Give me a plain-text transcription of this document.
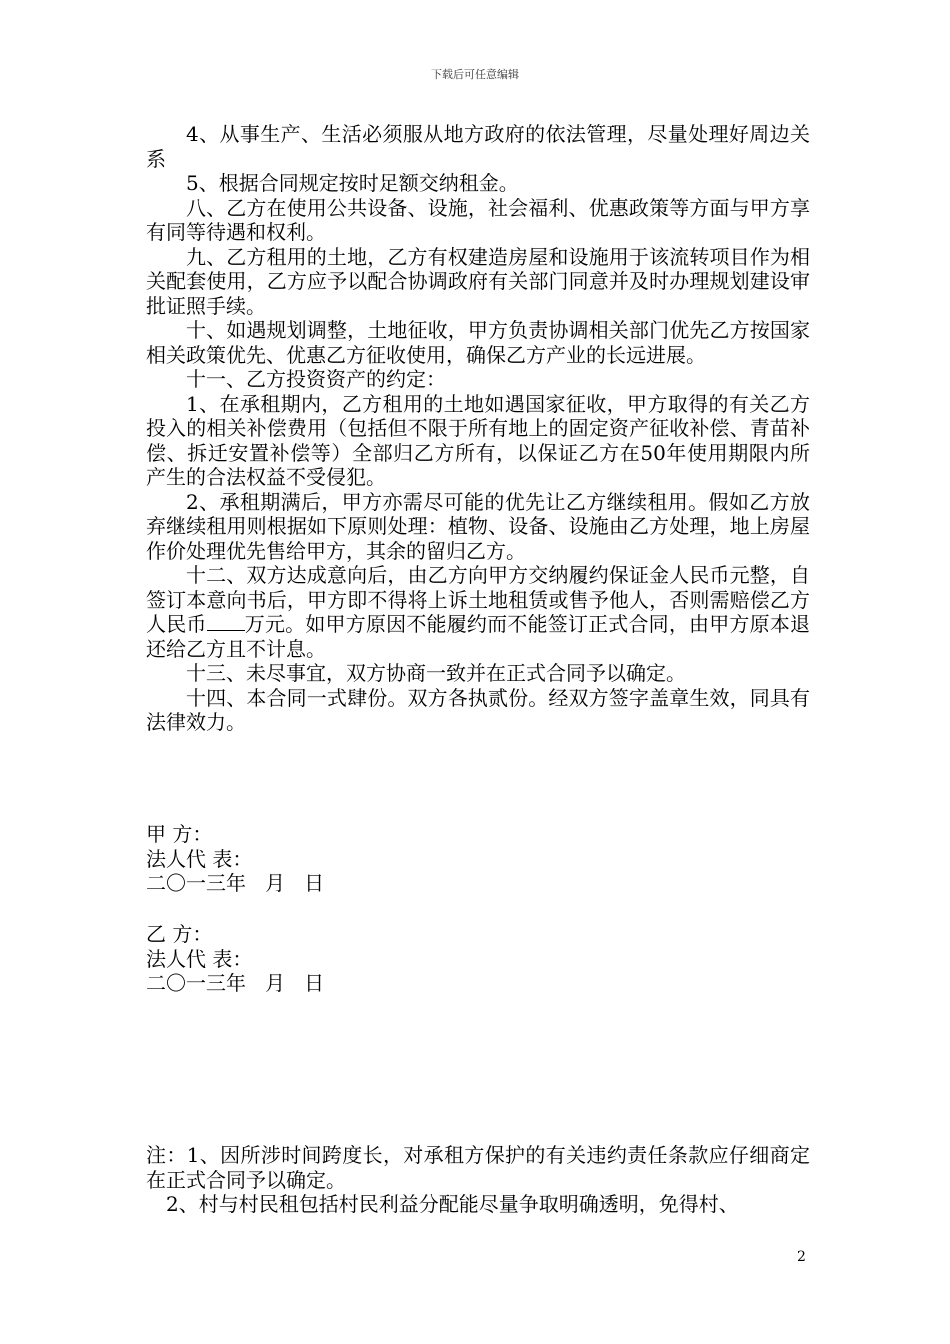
下载后可任意编辑

4、从事生产、生活必须服从地方政府的依法管理，尽量处理好周边关系

5、根据合同规定按时足额交纳租金。

八、乙方在使用公共设备、设施，社会福利、优惠政策等方面与甲方享有同等待遇和权利。

九、乙方租用的土地，乙方有权建造房屋和设施用于该流转项目作为相关配套使用，乙方应予以配合协调政府有关部门同意并及时办理规划建设审批证照手续。

十、如遇规划调整，土地征收，甲方负责协调相关部门优先乙方按国家相关政策优先、优惠乙方征收使用，确保乙方产业的长远进展。

十一、乙方投资资产的约定：

1、在承租期内，乙方租用的土地如遇国家征收，甲方取得的有关乙方投入的相关补偿费用（包括但不限于所有地上的固定资产征收补偿、青苗补偿、拆迁安置补偿等）全部归乙方所有，以保证乙方在50年使用期限内所产生的合法权益不受侵犯。

2、承租期满后，甲方亦需尽可能的优先让乙方继续租用。假如乙方放弃继续租用则根据如下原则处理：植物、设备、设施由乙方处理，地上房屋作价处理优先售给甲方，其余的留归乙方。

十二、双方达成意向后，由乙方向甲方交纳履约保证金人民币元整，自签订本意向书后，甲方即不得将上诉土地租赁或售予他人，否则需赔偿乙方人民币 万元。如甲方原因不能履约而不能签订正式合同，由甲方原本退还给乙方且不计息。

十三、未尽事宜，双方协商一致并在正式合同予以确定。

十四、本合同一式肆份。双方各执贰份。经双方签字盖章生效，同具有法律效力。

甲 方：
法人代 表：
二〇一三年   月   日
乙 方：
法人代 表：
二〇一三年   月   日

注：1、因所涉时间跨度长，对承租方保护的有关违约责任条款应仔细商定在正式合同予以确定。

2、村与村民租包括村民利益分配能尽量争取明确透明，免得村、

2
